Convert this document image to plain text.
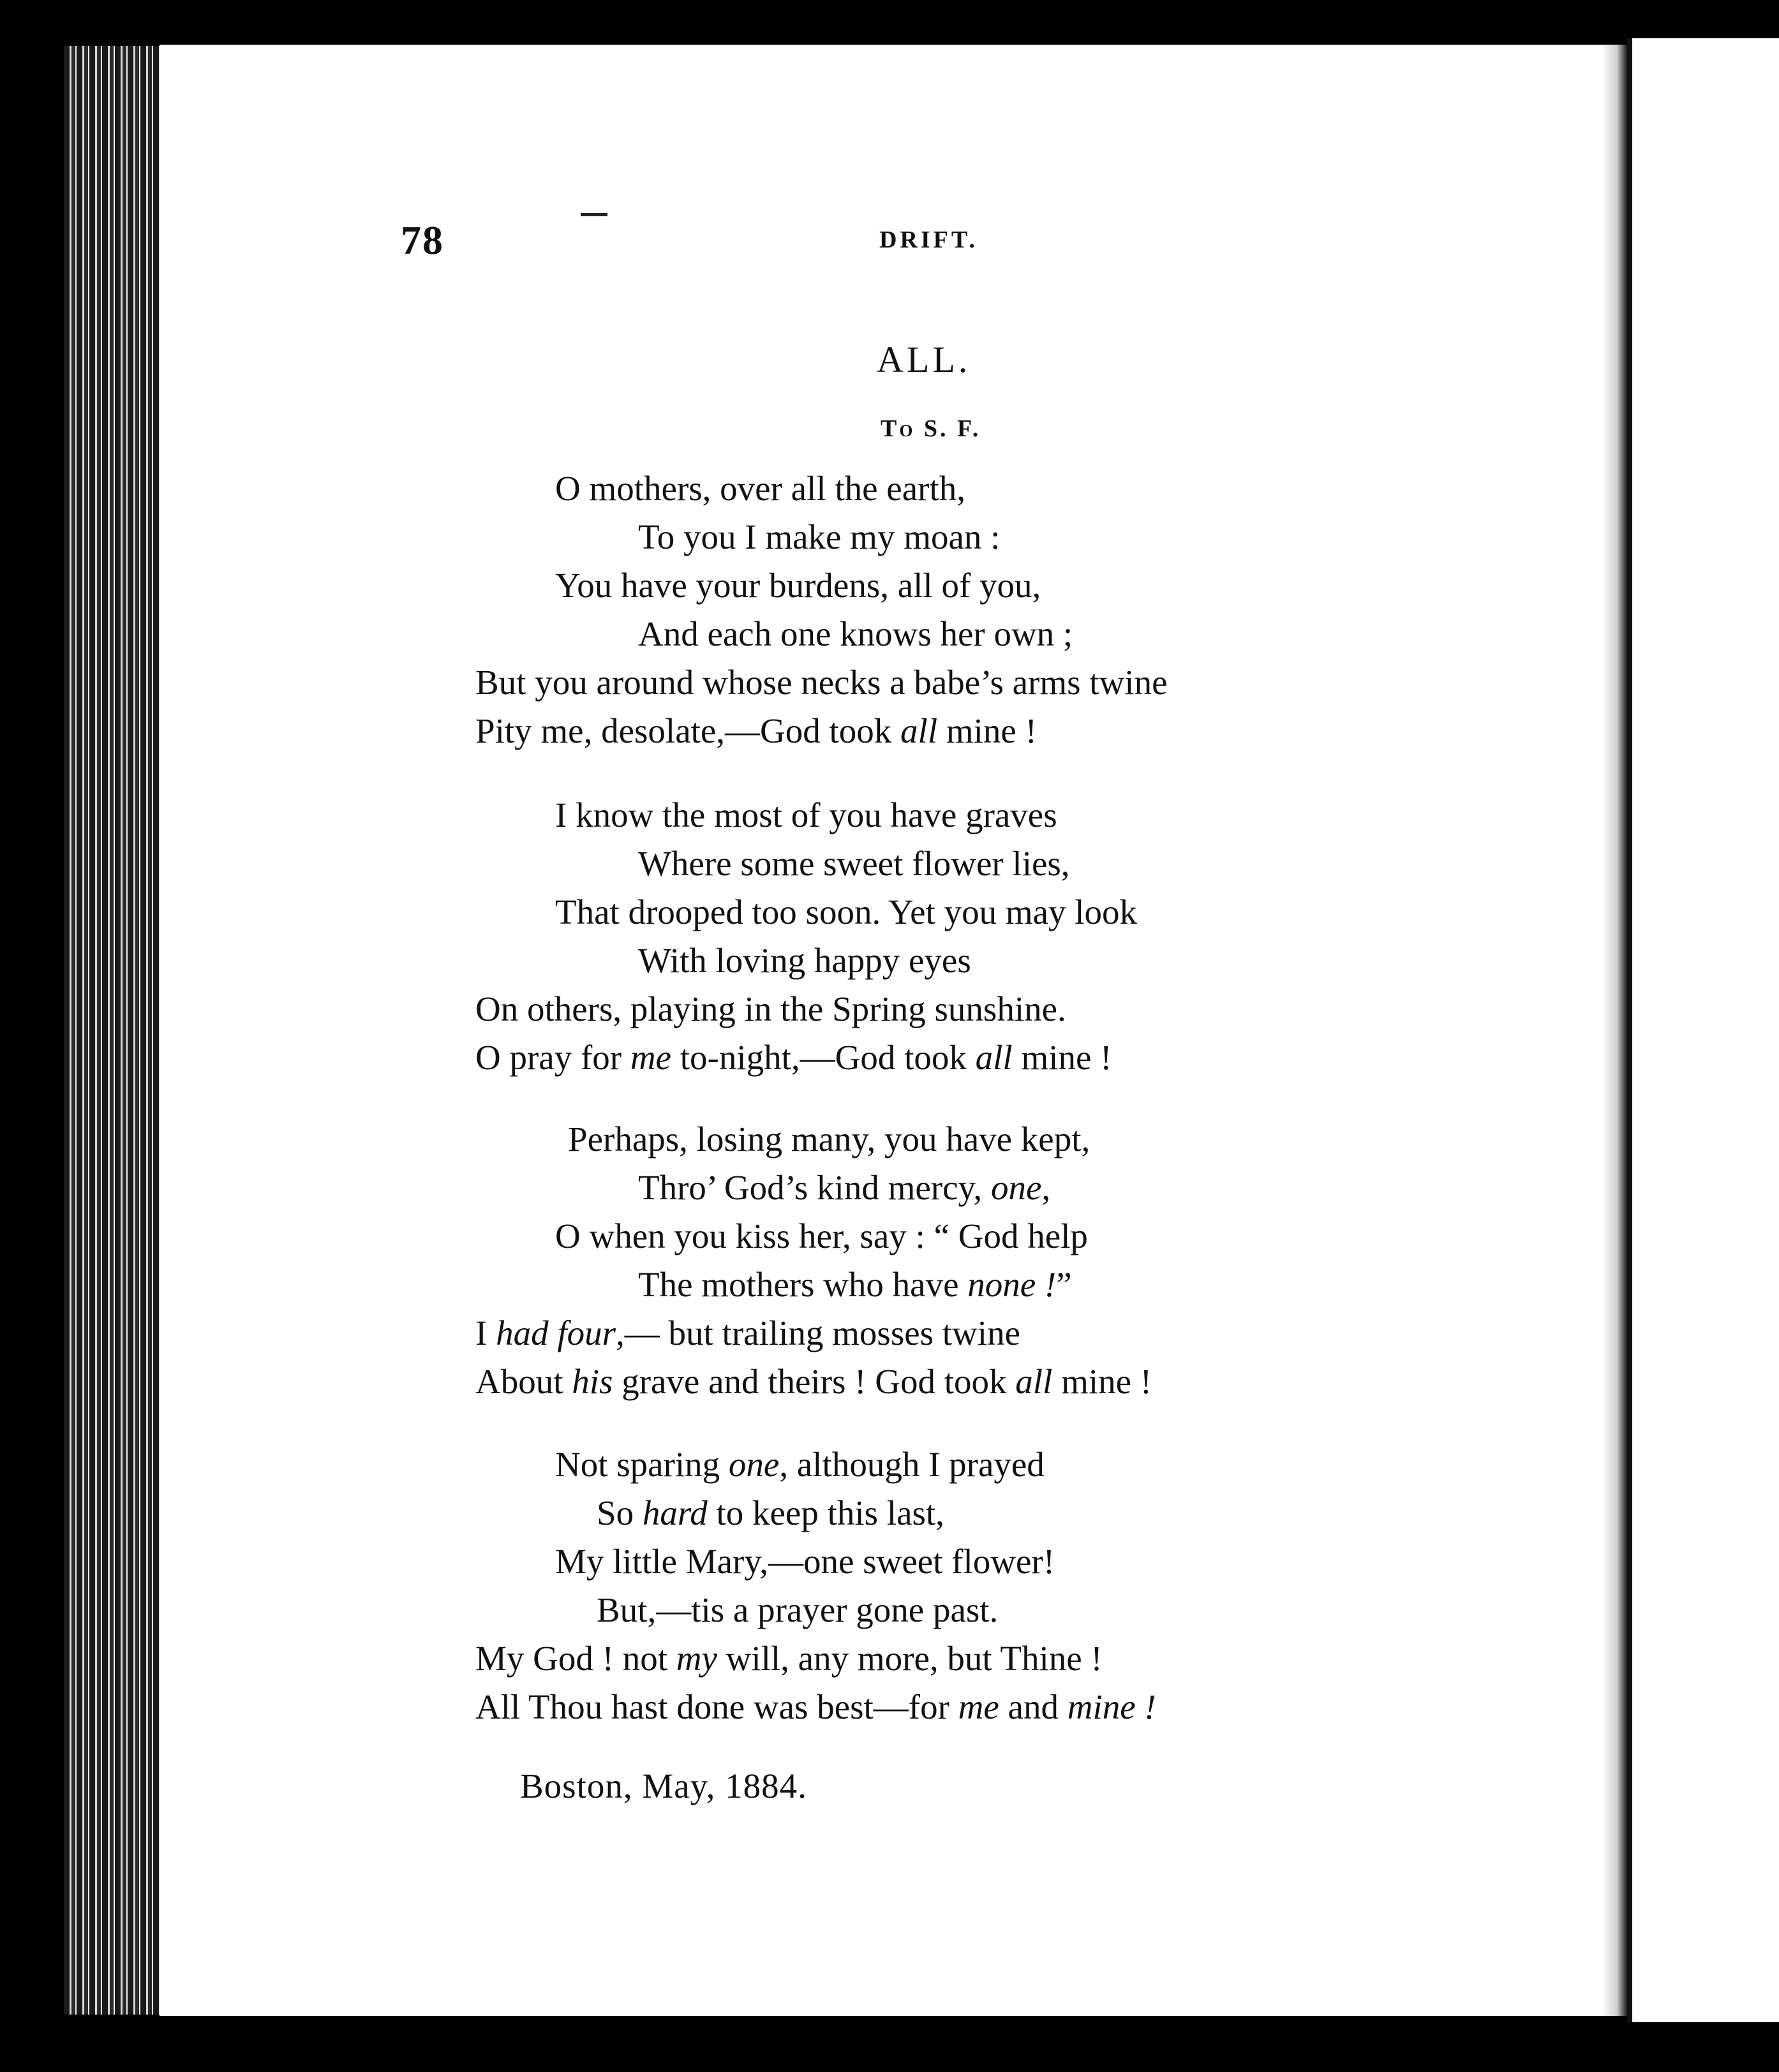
78	DRIFT.
ALL.
To S. F.
O mothers, over all the earth,
To you I make my moan :
You have your burdens, all of you,
And each one knows her own ;
But you around whose necks a babe’s arms twine
Pity me, desolate,—God took all mine !
I know the most of you have graves
Where some sweet flower lies,
That drooped too soon. Yet you may look
With loving happy eyes
On others, playing in the Spring sunshine.
O pray for me to-night,—God took all mine !
Perhaps, losing many, you have kept,
Thro’ God’s kind mercy, one,
O when you kiss her, say : “ God help
The mothers who have none !”
I had four,— but trailing mosses twine
About his grave and theirs ! God took all mine !
Not sparing one, although I prayed
So hard to keep this last,
My little Mary,—one sweet flower!
But,—tis a prayer gone past.
My God ! not my will, any more, but Thine !
All Thou hast done was best—for me and mine !
Boston, May, 1884.
